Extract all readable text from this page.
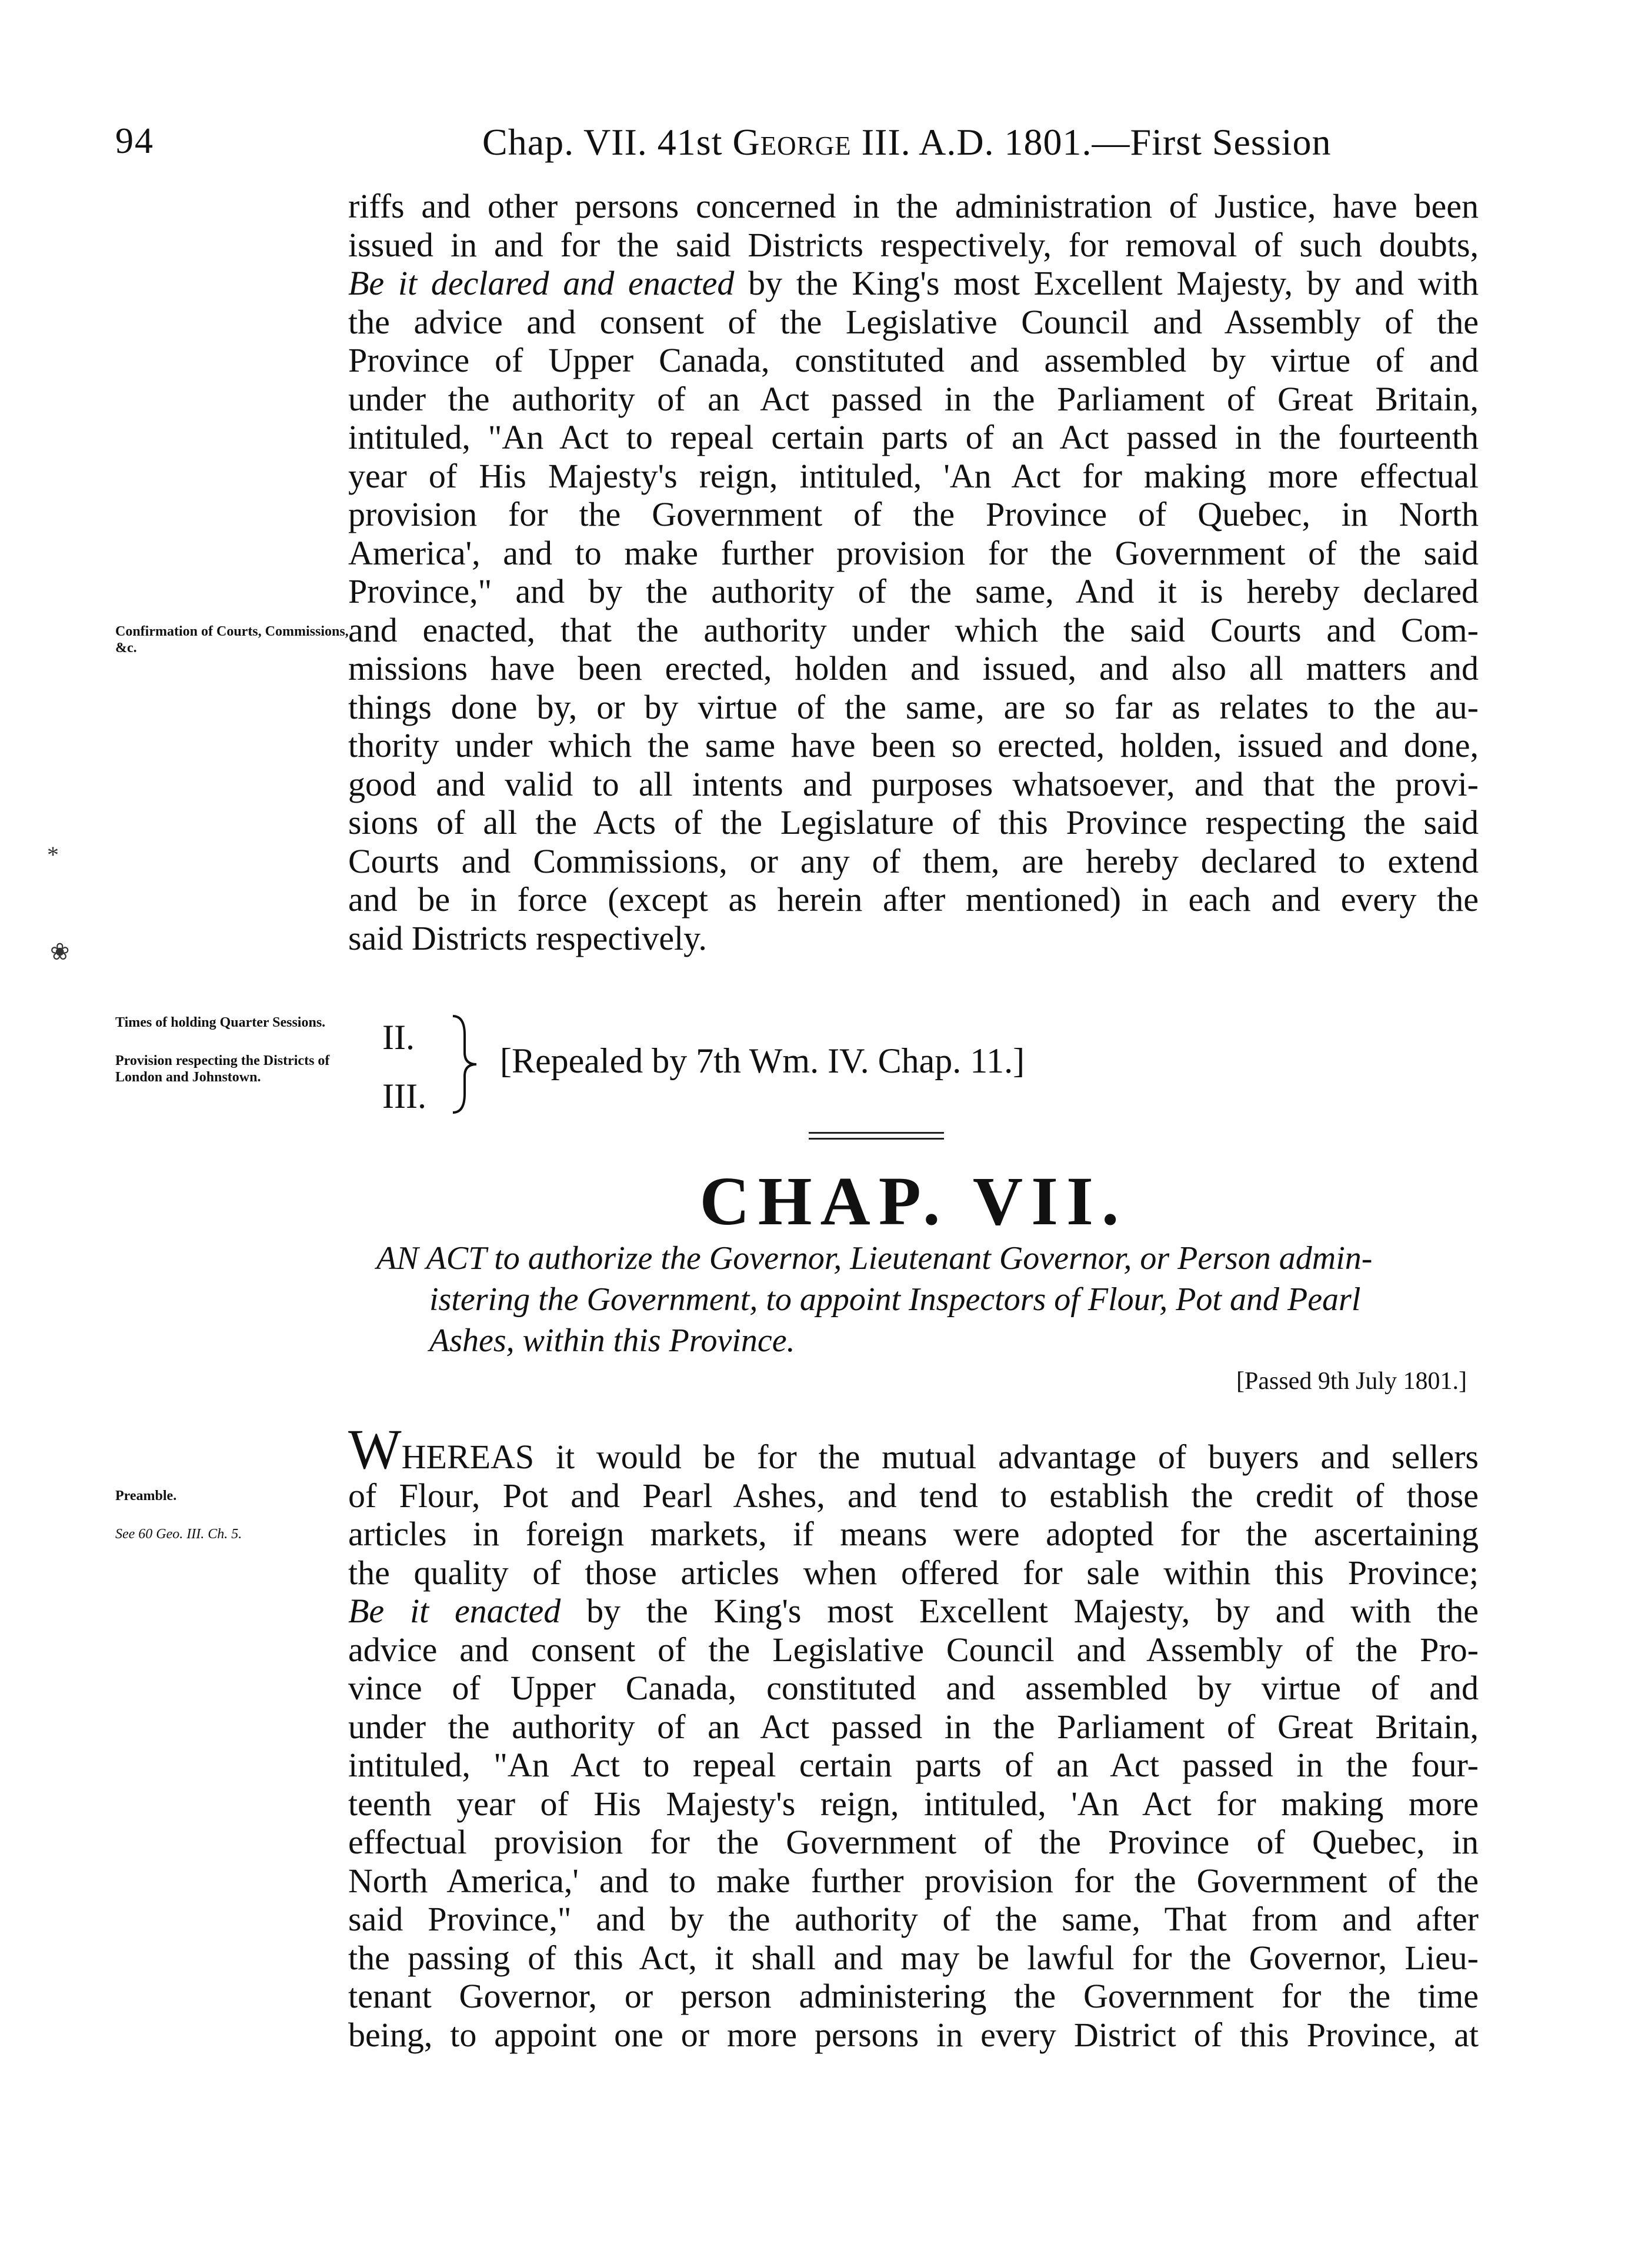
94	Chap. VII. 41st George III. A.D. 1801.—First Session

riffs and other persons concerned in the administration of Justice, have been
issued in and for the said Districts respectively, for removal of such doubts,
Be it declared and enacted by the King's most Excellent Majesty, by and with
the advice and consent of the Legislative Council and Assembly of the
Province of Upper Canada, constituted and assembled by virtue of and
under the authority of an Act passed in the Parliament of Great Britain,
intituled, "An Act to repeal certain parts of an Act passed in the fourteenth
year of His Majesty's reign, intituled, 'An Act for making more effectual
provision for the Government of the Province of Quebec, in North
America', and to make further provision for the Government of the said
Province," and by the authority of the same, And it is hereby declared
and enacted, that the authority under which the said Courts and Com-
missions have been erected, holden and issued, and also all matters and
things done by, or by virtue of the same, are so far as relates to the au-
thority under which the same have been so erected, holden, issued and done,
good and valid to all intents and purposes whatsoever, and that the provi-
sions of all the Acts of the Legislature of this Province respecting the said
Courts and Commissions, or any of them, are hereby declared to extend
and be in force (except as herein after mentioned) in each and every the
said Districts respectively.

Confirmation of Courts, Commissions, &c.
Times of holding Quarter Sessions.
Provision respecting the Districts of London and Johnstown.
II.
III.
[Repealed by 7th Wm. IV. Chap. 11.]
CHAP. VII.
AN ACT to authorize the Governor, Lieutenant Governor, or Person admin-
istering the Government, to appoint Inspectors of Flour, Pot and Pearl
Ashes, within this Province.
[Passed 9th July 1801.]

WHEREAS it would be for the mutual advantage of buyers and sellers
of Flour, Pot and Pearl Ashes, and tend to establish the credit of those
articles in foreign markets, if means were adopted for the ascertaining
the quality of those articles when offered for sale within this Province;
Be it enacted by the King's most Excellent Majesty, by and with the
advice and consent of the Legislative Council and Assembly of the Pro-
vince of Upper Canada, constituted and assembled by virtue of and
under the authority of an Act passed in the Parliament of Great Britain,
intituled, "An Act to repeal certain parts of an Act passed in the four-
teenth year of His Majesty's reign, intituled, 'An Act for making more
effectual provision for the Government of the Province of Quebec, in
North America,' and to make further provision for the Government of the
said Province," and by the authority of the same, That from and after
the passing of this Act, it shall and may be lawful for the Governor, Lieu-
tenant Governor, or person administering the Government for the time
being, to appoint one or more persons in every District of this Province, at

Preamble.
See 60 Geo. III. Ch. 5.
*
❀
